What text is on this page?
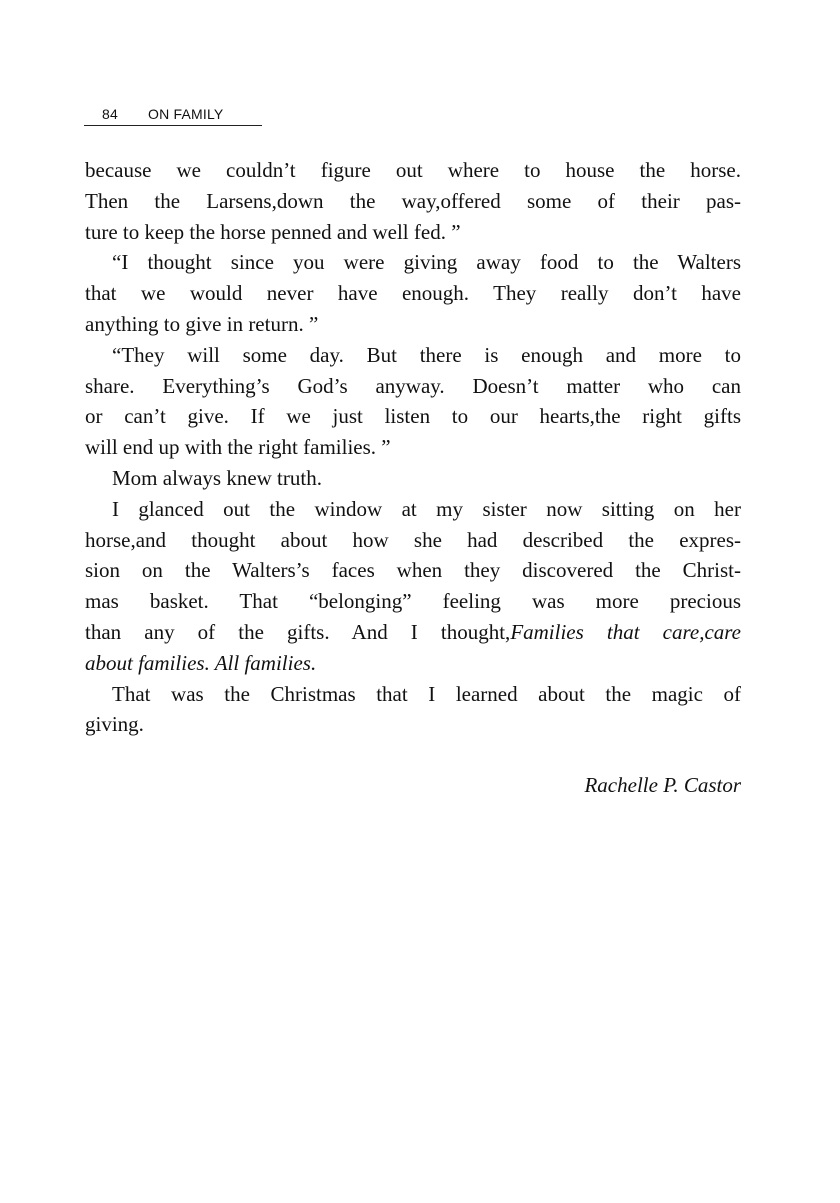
84 ON FAMILY
because we couldn’t figure out where to house the horse.
Then the Larsens,down the way,offered some of their pas-
ture to keep the horse penned and well fed. ”
“I thought since you were giving away food to the Walters
that we would never have enough. They really don’t have
anything to give in return. ”
“They will some day. But there is enough and more to
share. Everything’s God’s anyway. Doesn’t matter who can
or can’t give. If we just listen to our hearts,the right gifts
will end up with the right families. ”
Mom always knew truth.
I glanced out the window at my sister now sitting on her
horse,and thought about how she had described the expres-
sion on the Walters’s faces when they discovered the Christ-
mas basket. That “belonging” feeling was more precious
than any of the gifts. And I thought,Families that care,care
about families. All families.
That was the Christmas that I learned about the magic of
giving.
Rachelle P. Castor
